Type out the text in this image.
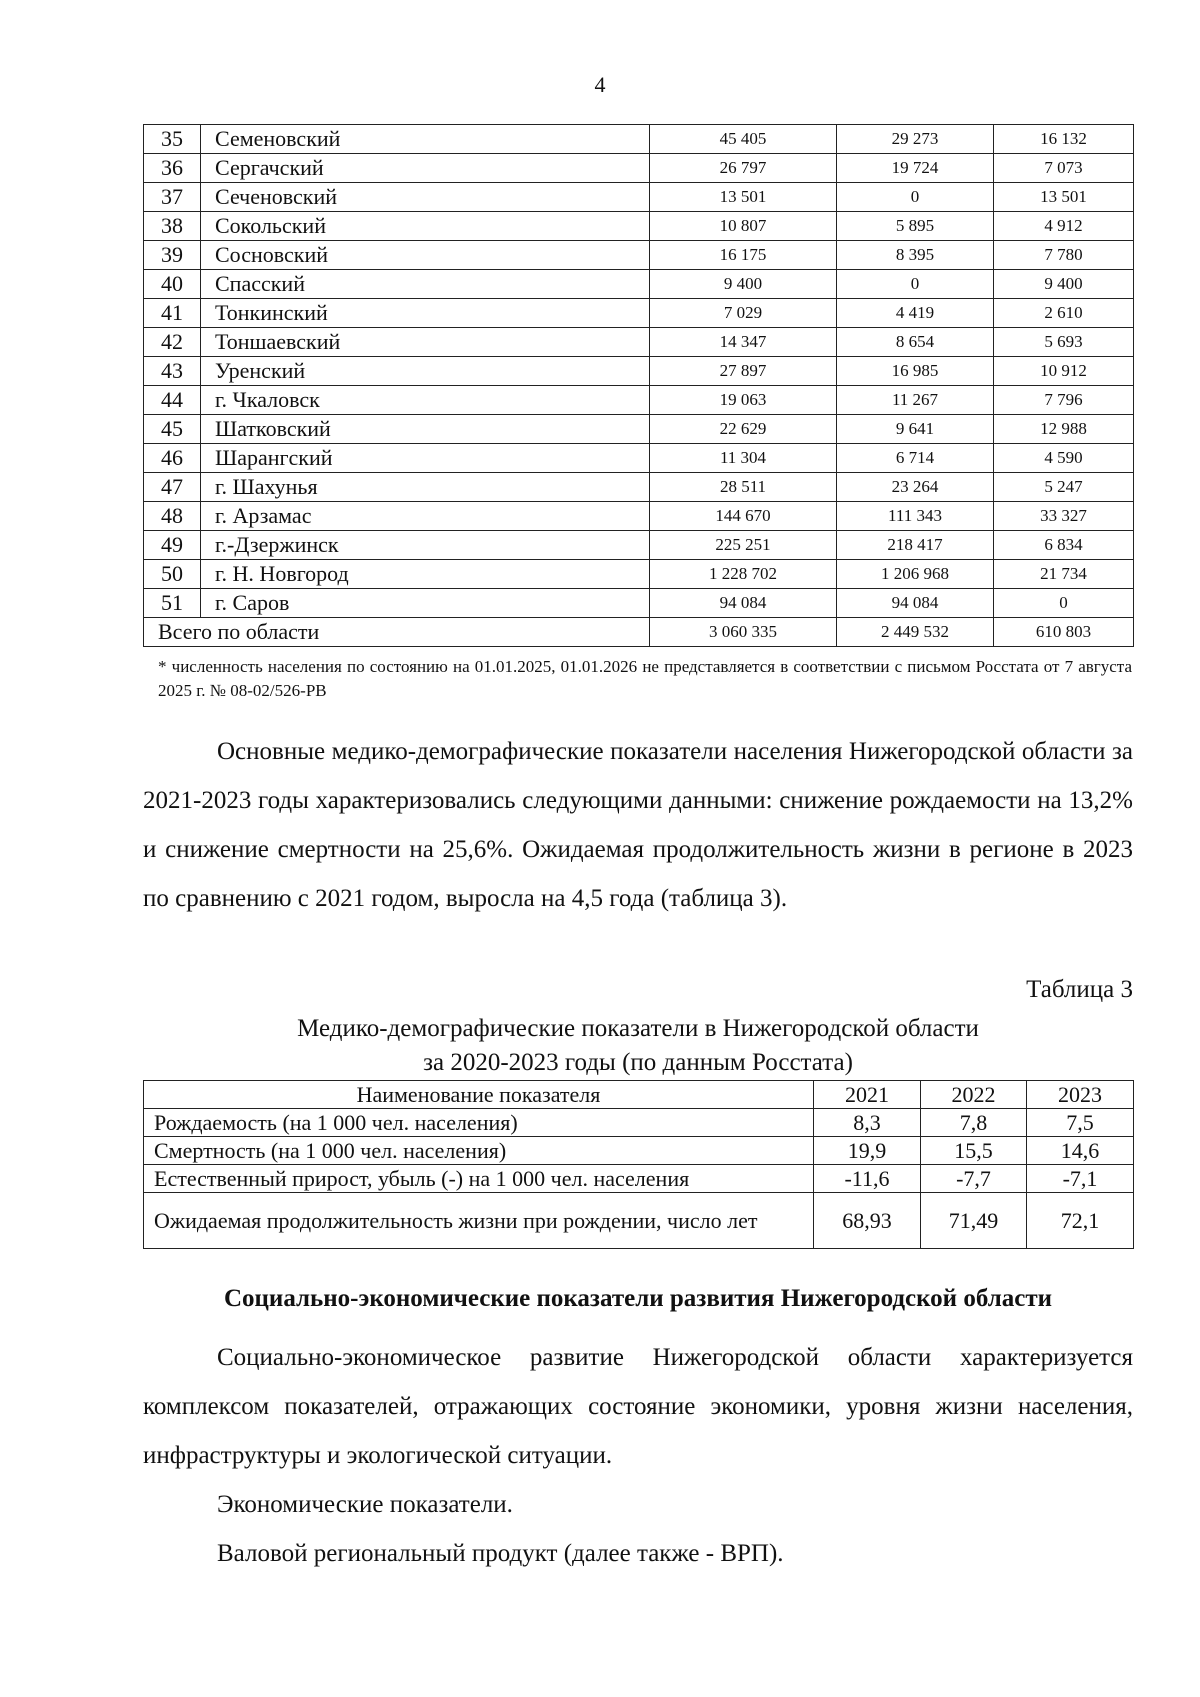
4
35	Семеновский	45 405	29 273	16 132
36	Сергачский	26 797	19 724	7 073
37	Сеченовский	13 501	0	13 501
38	Сокольский	10 807	5 895	4 912
39	Сосновский	16 175	8 395	7 780
40	Спасский	9 400	0	9 400
41	Тонкинский	7 029	4 419	2 610
42	Тоншаевский	14 347	8 654	5 693
43	Уренский	27 897	16 985	10 912
44	г. Чкаловск	19 063	11 267	7 796
45	Шатковский	22 629	9 641	12 988
46	Шарангский	11 304	6 714	4 590
47	г. Шахунья	28 511	23 264	5 247
48	г. Арзамас	144 670	111 343	33 327
49	г.-Дзержинск	225 251	218 417	6 834
50	г. Н. Новгород	1 228 702	1 206 968	21 734
51	г. Саров	94 084	94 084	0
Всего по области		3 060 335	2 449 532	610 803
* численность населения по состоянию на 01.01.2025, 01.01.2026 не представляется в соответствии с письмом Росстата от 7 августа 2025 г. № 08-02/526-РВ
Основные медико-демографические показатели населения Нижегородской области за 2021-2023 годы характеризовались следующими данными: снижение рождаемости на 13,2% и снижение смертности на 25,6%. Ожидаемая продолжительность жизни в регионе в 2023 по сравнению с 2021 годом, выросла на 4,5 года (таблица 3).
Таблица 3
Медико-демографические показатели в Нижегородской области
за 2020-2023 годы (по данным Росстата)
Наименование показателя	2021	2022	2023
Рождаемость (на 1 000 чел. населения)	8,3	7,8	7,5
Смертность (на 1 000 чел. населения)	19,9	15,5	14,6
Естественный прирост, убыль (-) на 1 000 чел. населения	-11,6	-7,7	-7,1
Ожидаемая продолжительность жизни при рождении, число лет	68,93	71,49	72,1
Социально-экономические показатели развития Нижегородской области
Социально-экономическое развитие Нижегородской области характеризуется комплексом показателей, отражающих состояние экономики, уровня жизни населения, инфраструктуры и экологической ситуации.
Экономические показатели.
Валовой региональный продукт (далее также - ВРП).
